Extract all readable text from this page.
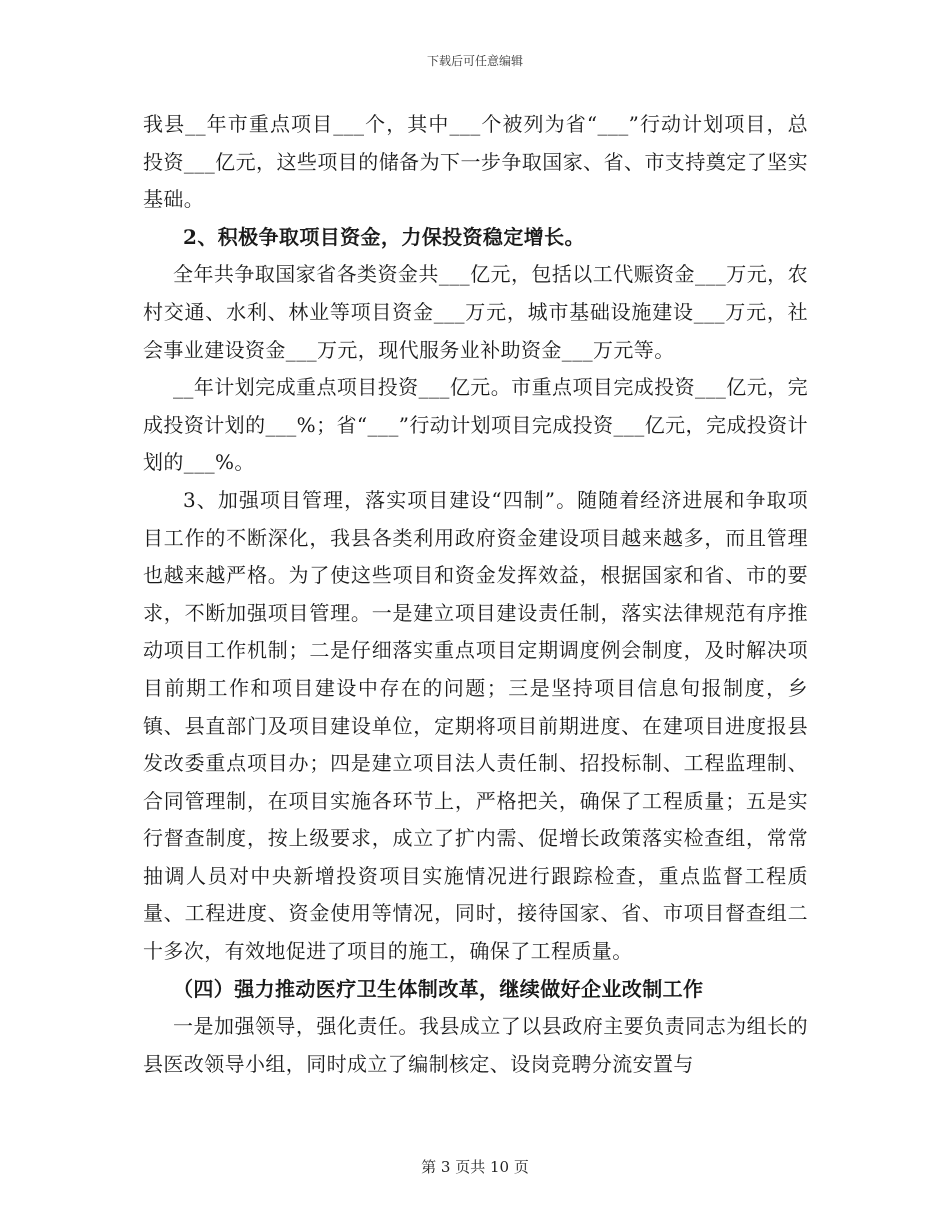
下载后可任意编辑

我县__年市重点项目___个，其中___个被列为省“___”行动计划项目，总投资___亿元，这些项目的储备为下一步争取国家、省、市支持奠定了坚实基础。

2、积极争取项目资金，力保投资稳定增长。

全年共争取国家省各类资金共___亿元，包括以工代赈资金___万元，农村交通、水利、林业等项目资金___万元，城市基础设施建设___万元，社会事业建设资金___万元，现代服务业补助资金___万元等。

__年计划完成重点项目投资___亿元。市重点项目完成投资___亿元，完成投资计划的___%；省“___”行动计划项目完成投资___亿元，完成投资计划的___%。

3、加强项目管理，落实项目建设“四制”。随随着经济进展和争取项目工作的不断深化，我县各类利用政府资金建设项目越来越多，而且管理也越来越严格。为了使这些项目和资金发挥效益，根据国家和省、市的要求，不断加强项目管理。一是建立项目建设责任制，落实法律规范有序推动项目工作机制；二是仔细落实重点项目定期调度例会制度，及时解决项目前期工作和项目建设中存在的问题；三是坚持项目信息旬报制度，乡镇、县直部门及项目建设单位，定期将项目前期进度、在建项目进度报县发改委重点项目办；四是建立项目法人责任制、招投标制、工程监理制、合同管理制，在项目实施各环节上，严格把关，确保了工程质量；五是实行督查制度，按上级要求，成立了扩内需、促增长政策落实检查组，常常抽调人员对中央新增投资项目实施情况进行跟踪检查，重点监督工程质量、工程进度、资金使用等情况，同时，接待国家、省、市项目督查组二十多次，有效地促进了项目的施工，确保了工程质量。

（四）强力推动医疗卫生体制改革，继续做好企业改制工作

一是加强领导，强化责任。我县成立了以县政府主要负责同志为组长的县医改领导小组，同时成立了编制核定、设岗竞聘分流安置与

第 3 页共 10 页
